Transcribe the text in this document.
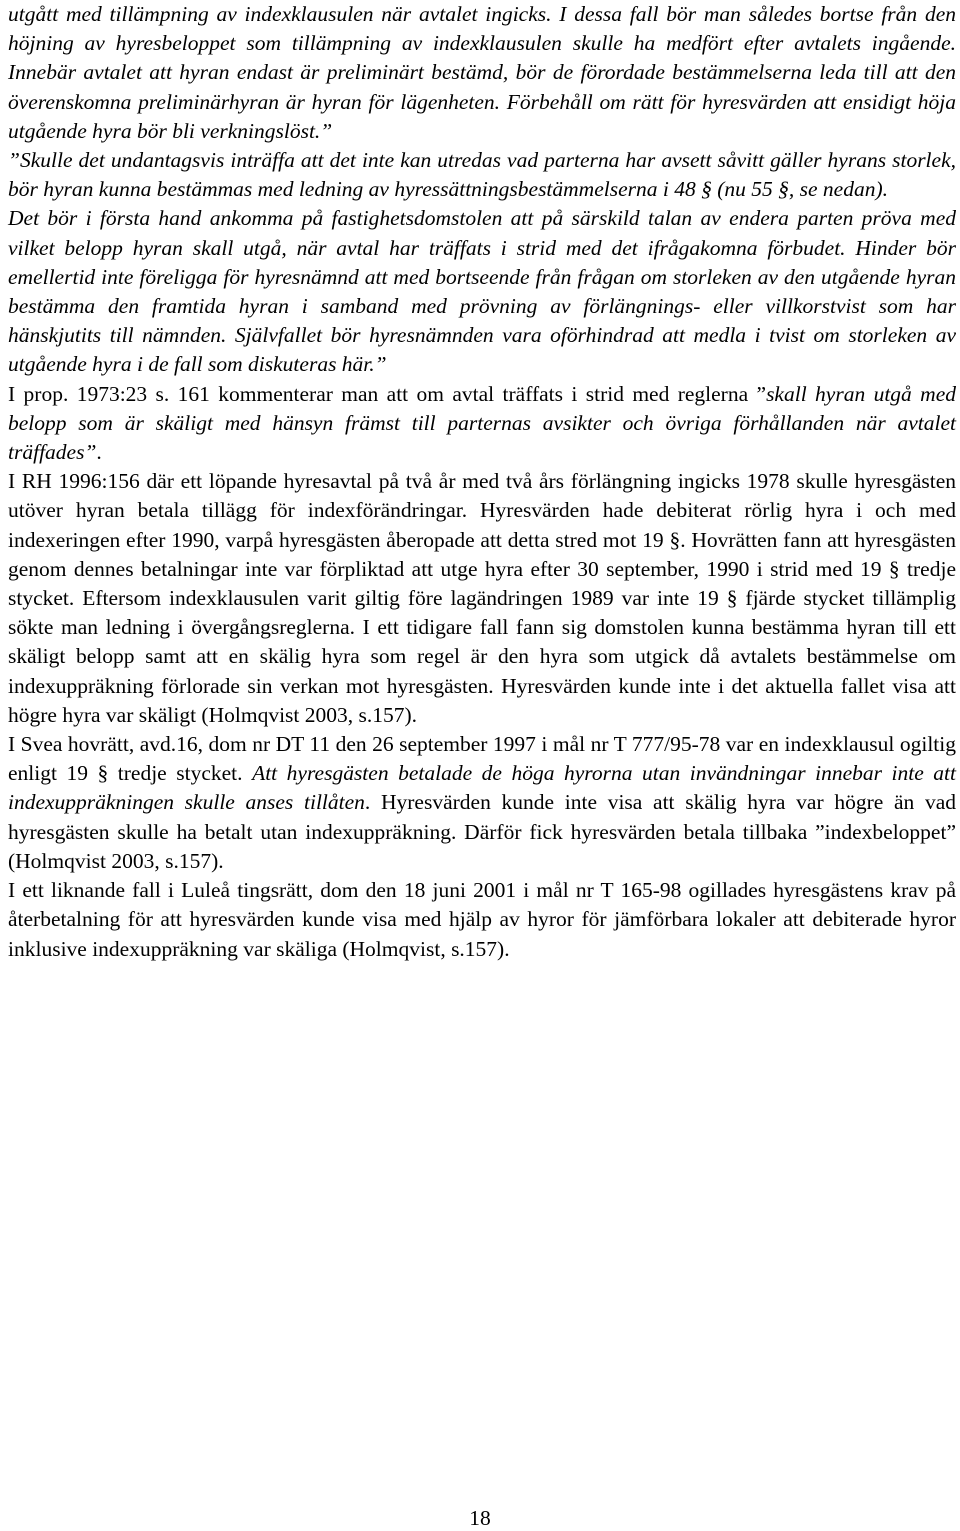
utgått med tillämpning av indexklausulen när avtalet ingicks. I dessa fall bör man således bortse från den höjning av hyresbeloppet som tillämpning av indexklausulen skulle ha medfört efter avtalets ingående. Innebär avtalet att hyran endast är preliminärt bestämd, bör de förordade bestämmelserna leda till att den överenskomna preliminärhyran är hyran för lägenheten. Förbehåll om rätt för hyresvärden att ensidigt höja utgående hyra bör bli verkningslöst.”

”Skulle det undantagsvis inträffa att det inte kan utredas vad parterna har avsett såvitt gäller hyrans storlek, bör hyran kunna bestämmas med ledning av hyressättningsbestämmelserna i 48 § (nu 55 §, se nedan).

Det bör i första hand ankomma på fastighetsdomstolen att på särskild talan av endera parten pröva med vilket belopp hyran skall utgå, när avtal har träffats i strid med det ifrågakomna förbudet. Hinder bör emellertid inte föreligga för hyresnämnd att med bortseende från frågan om storleken av den utgående hyran bestämma den framtida hyran i samband med prövning av förlängnings- eller villkorstvist som har hänskjutits till nämnden. Självfallet bör hyresnämnden vara oförhindrad att medla i tvist om storleken av utgående hyra i de fall som diskuteras här.”

I prop. 1973:23 s. 161 kommenterar man att om avtal träffats i strid med reglerna ”skall hyran utgå med belopp som är skäligt med hänsyn främst till parternas avsikter och övriga förhållanden när avtalet träffades”.

I RH 1996:156 där ett löpande hyresavtal på två år med två års förlängning ingicks 1978 skulle hyresgästen utöver hyran betala tillägg för indexförändringar. Hyresvärden hade debiterat rörlig hyra i och med indexeringen efter 1990, varpå hyresgästen åberopade att detta stred mot 19 §. Hovrätten fann att hyresgästen genom dennes betalningar inte var förpliktad att utge hyra efter 30 september, 1990 i strid med 19 § tredje stycket. Eftersom indexklausulen varit giltig före lagändringen 1989 var inte 19 § fjärde stycket tillämplig sökte man ledning i övergångsreglerna. I ett tidigare fall fann sig domstolen kunna bestämma hyran till ett skäligt belopp samt att en skälig hyra som regel är den hyra som utgick då avtalets bestämmelse om indexuppräkning förlorade sin verkan mot hyresgästen. Hyresvärden kunde inte i det aktuella fallet visa att högre hyra var skäligt (Holmqvist 2003, s.157).

I Svea hovrätt, avd.16, dom nr DT 11 den 26 september 1997 i mål nr T 777/95-78 var en indexklausul ogiltig enligt 19 § tredje stycket. Att hyresgästen betalade de höga hyrorna utan invändningar innebar inte att indexuppräkningen skulle anses tillåten. Hyresvärden kunde inte visa att skälig hyra var högre än vad hyresgästen skulle ha betalt utan indexuppräkning. Därför fick hyresvärden betala tillbaka ”indexbeloppet” (Holmqvist 2003, s.157).

I ett liknande fall i Luleå tingsrätt, dom den 18 juni 2001 i mål nr T 165-98 ogillades hyresgästens krav på återbetalning för att hyresvärden kunde visa med hjälp av hyror för jämförbara lokaler att debiterade hyror inklusive indexuppräkning var skäliga (Holmqvist, s.157).

18
